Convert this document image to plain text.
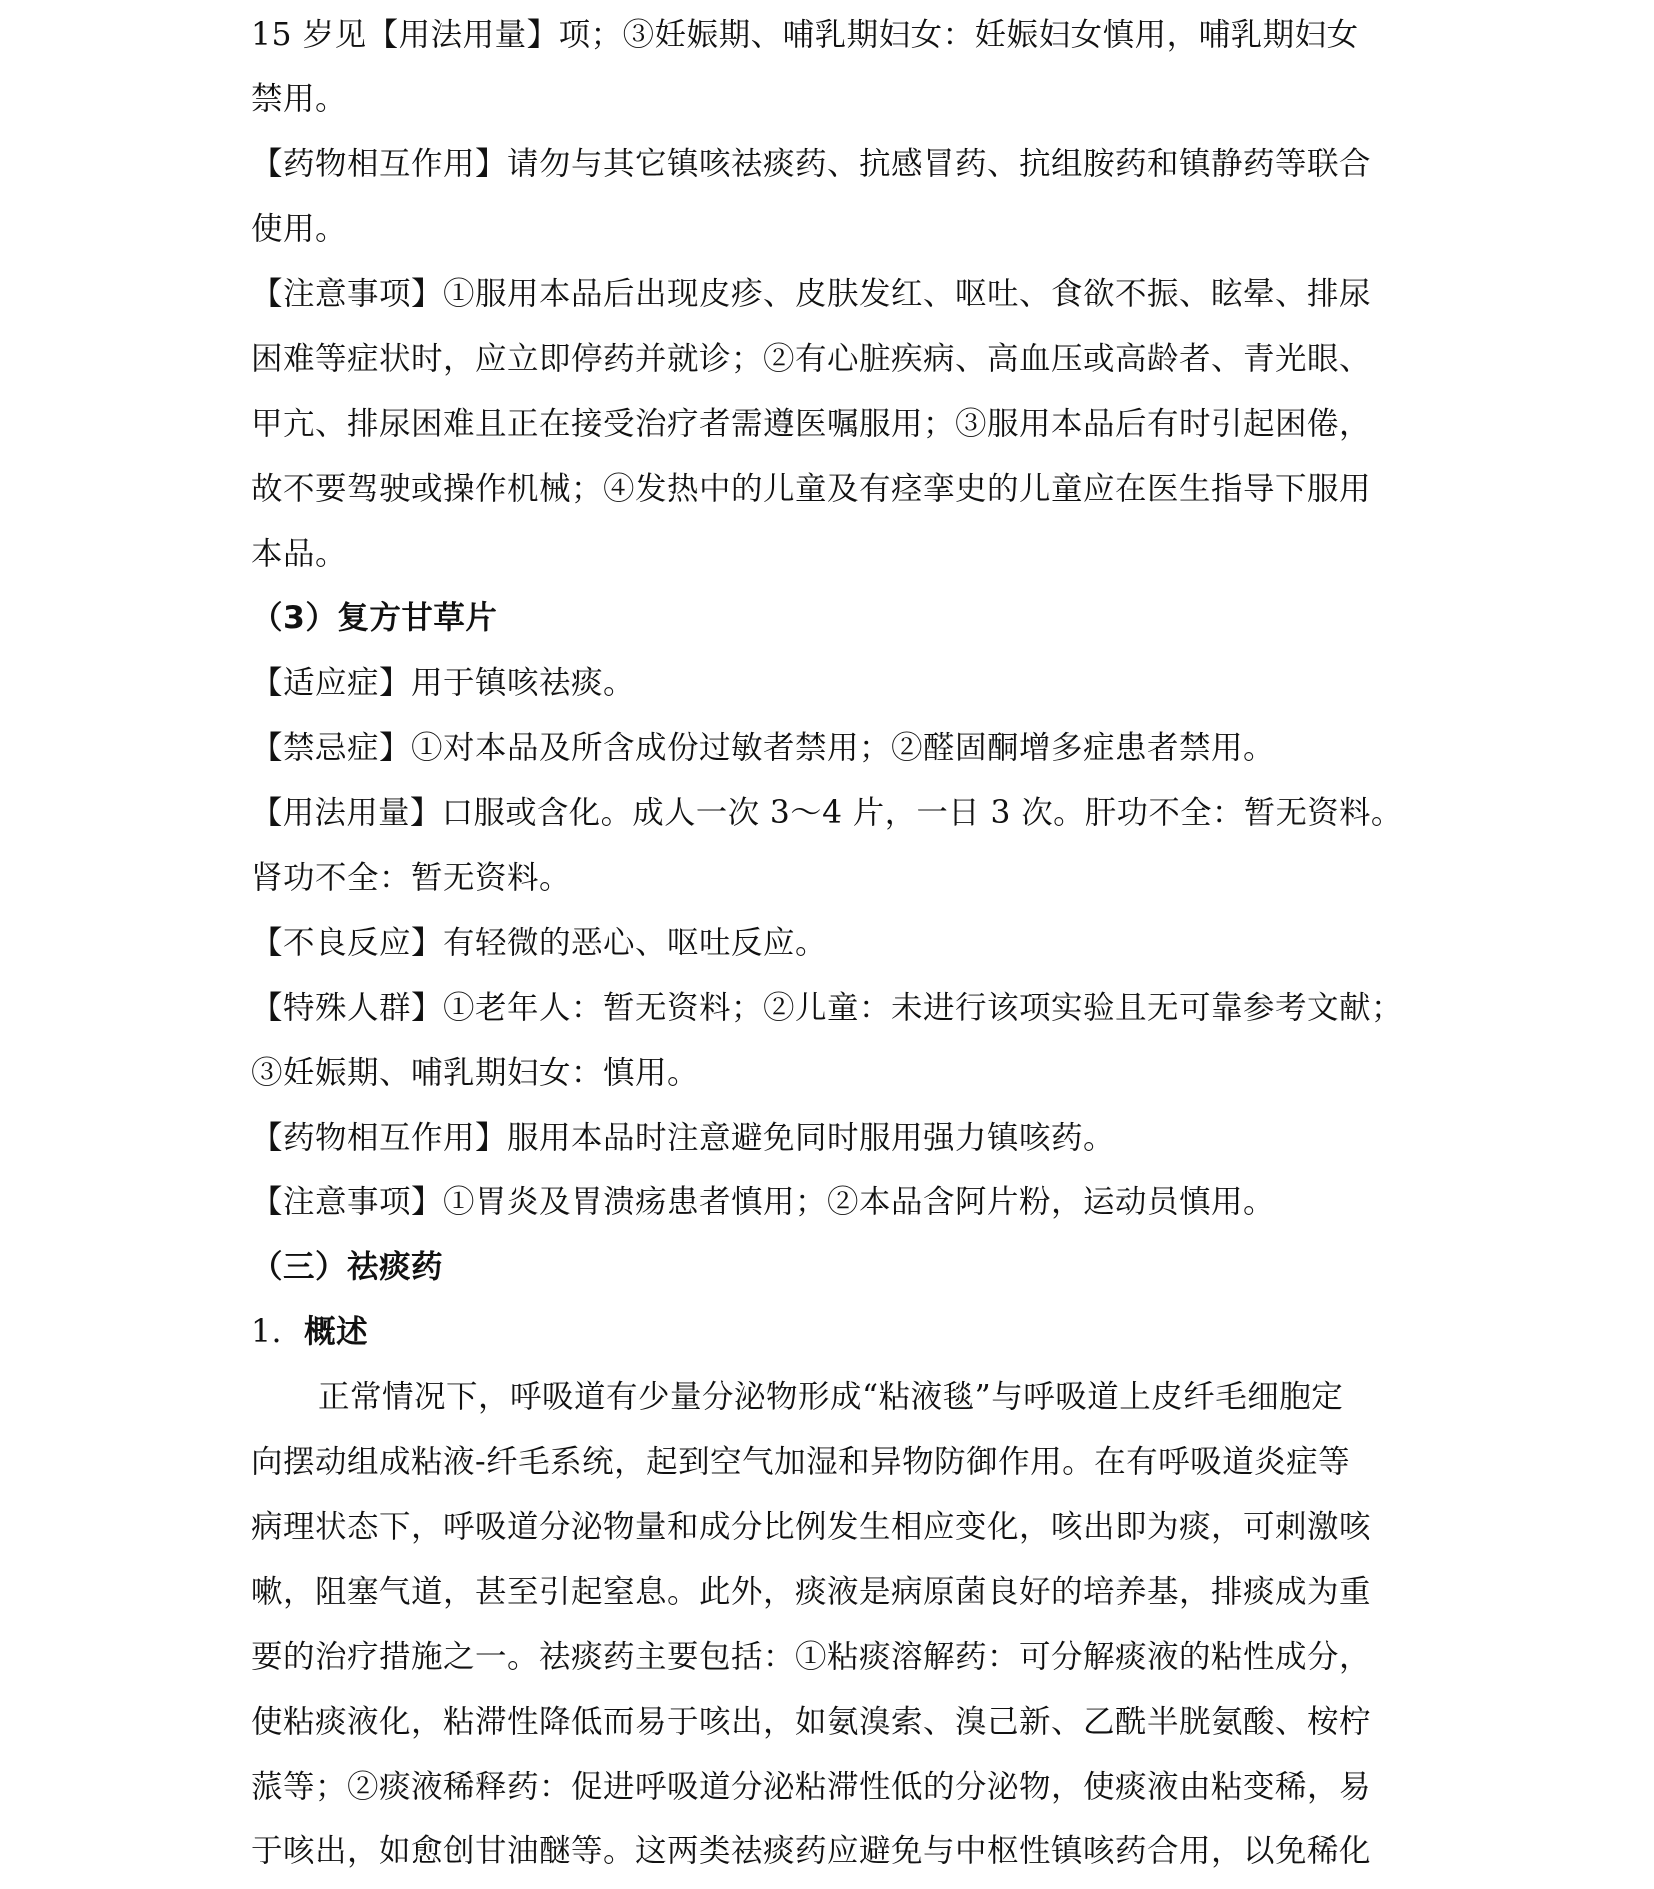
15 岁见【用法用量】项；③妊娠期、哺乳期妇女：妊娠妇女慎用，哺乳期妇女
禁用。
【药物相互作用】请勿与其它镇咳祛痰药、抗感冒药、抗组胺药和镇静药等联合
使用。
【注意事项】①服用本品后出现皮疹、皮肤发红、呕吐、食欲不振、眩晕、排尿
困难等症状时，应立即停药并就诊；②有心脏疾病、高血压或高龄者、青光眼、
甲亢、排尿困难且正在接受治疗者需遵医嘱服用；③服用本品后有时引起困倦，
故不要驾驶或操作机械；④发热中的儿童及有痉挛史的儿童应在医生指导下服用
本品。
（3）复方甘草片
【适应症】用于镇咳祛痰。
【禁忌症】①对本品及所含成份过敏者禁用；②醛固酮增多症患者禁用。
【用法用量】口服或含化。成人一次 3～4 片，一日 3 次。肝功不全：暂无资料。
肾功不全：暂无资料。
【不良反应】有轻微的恶心、呕吐反应。
【特殊人群】①老年人：暂无资料；②儿童：未进行该项实验且无可靠参考文献；
③妊娠期、哺乳期妇女：慎用。
【药物相互作用】服用本品时注意避免同时服用强力镇咳药。
【注意事项】①胃炎及胃溃疡患者慎用；②本品含阿片粉，运动员慎用。
（三）祛痰药
1. 概述
正常情况下，呼吸道有少量分泌物形成“粘液毯”与呼吸道上皮纤毛细胞定
向摆动组成粘液-纤毛系统，起到空气加湿和异物防御作用。在有呼吸道炎症等
病理状态下，呼吸道分泌物量和成分比例发生相应变化，咳出即为痰，可刺激咳
嗽，阻塞气道，甚至引起窒息。此外，痰液是病原菌良好的培养基，排痰成为重
要的治疗措施之一。祛痰药主要包括：①粘痰溶解药：可分解痰液的粘性成分，
使粘痰液化，粘滞性降低而易于咳出，如氨溴索、溴己新、乙酰半胱氨酸、桉柠
蒎等；②痰液稀释药：促进呼吸道分泌粘滞性低的分泌物，使痰液由粘变稀，易
于咳出，如愈创甘油醚等。这两类祛痰药应避免与中枢性镇咳药合用，以免稀化
